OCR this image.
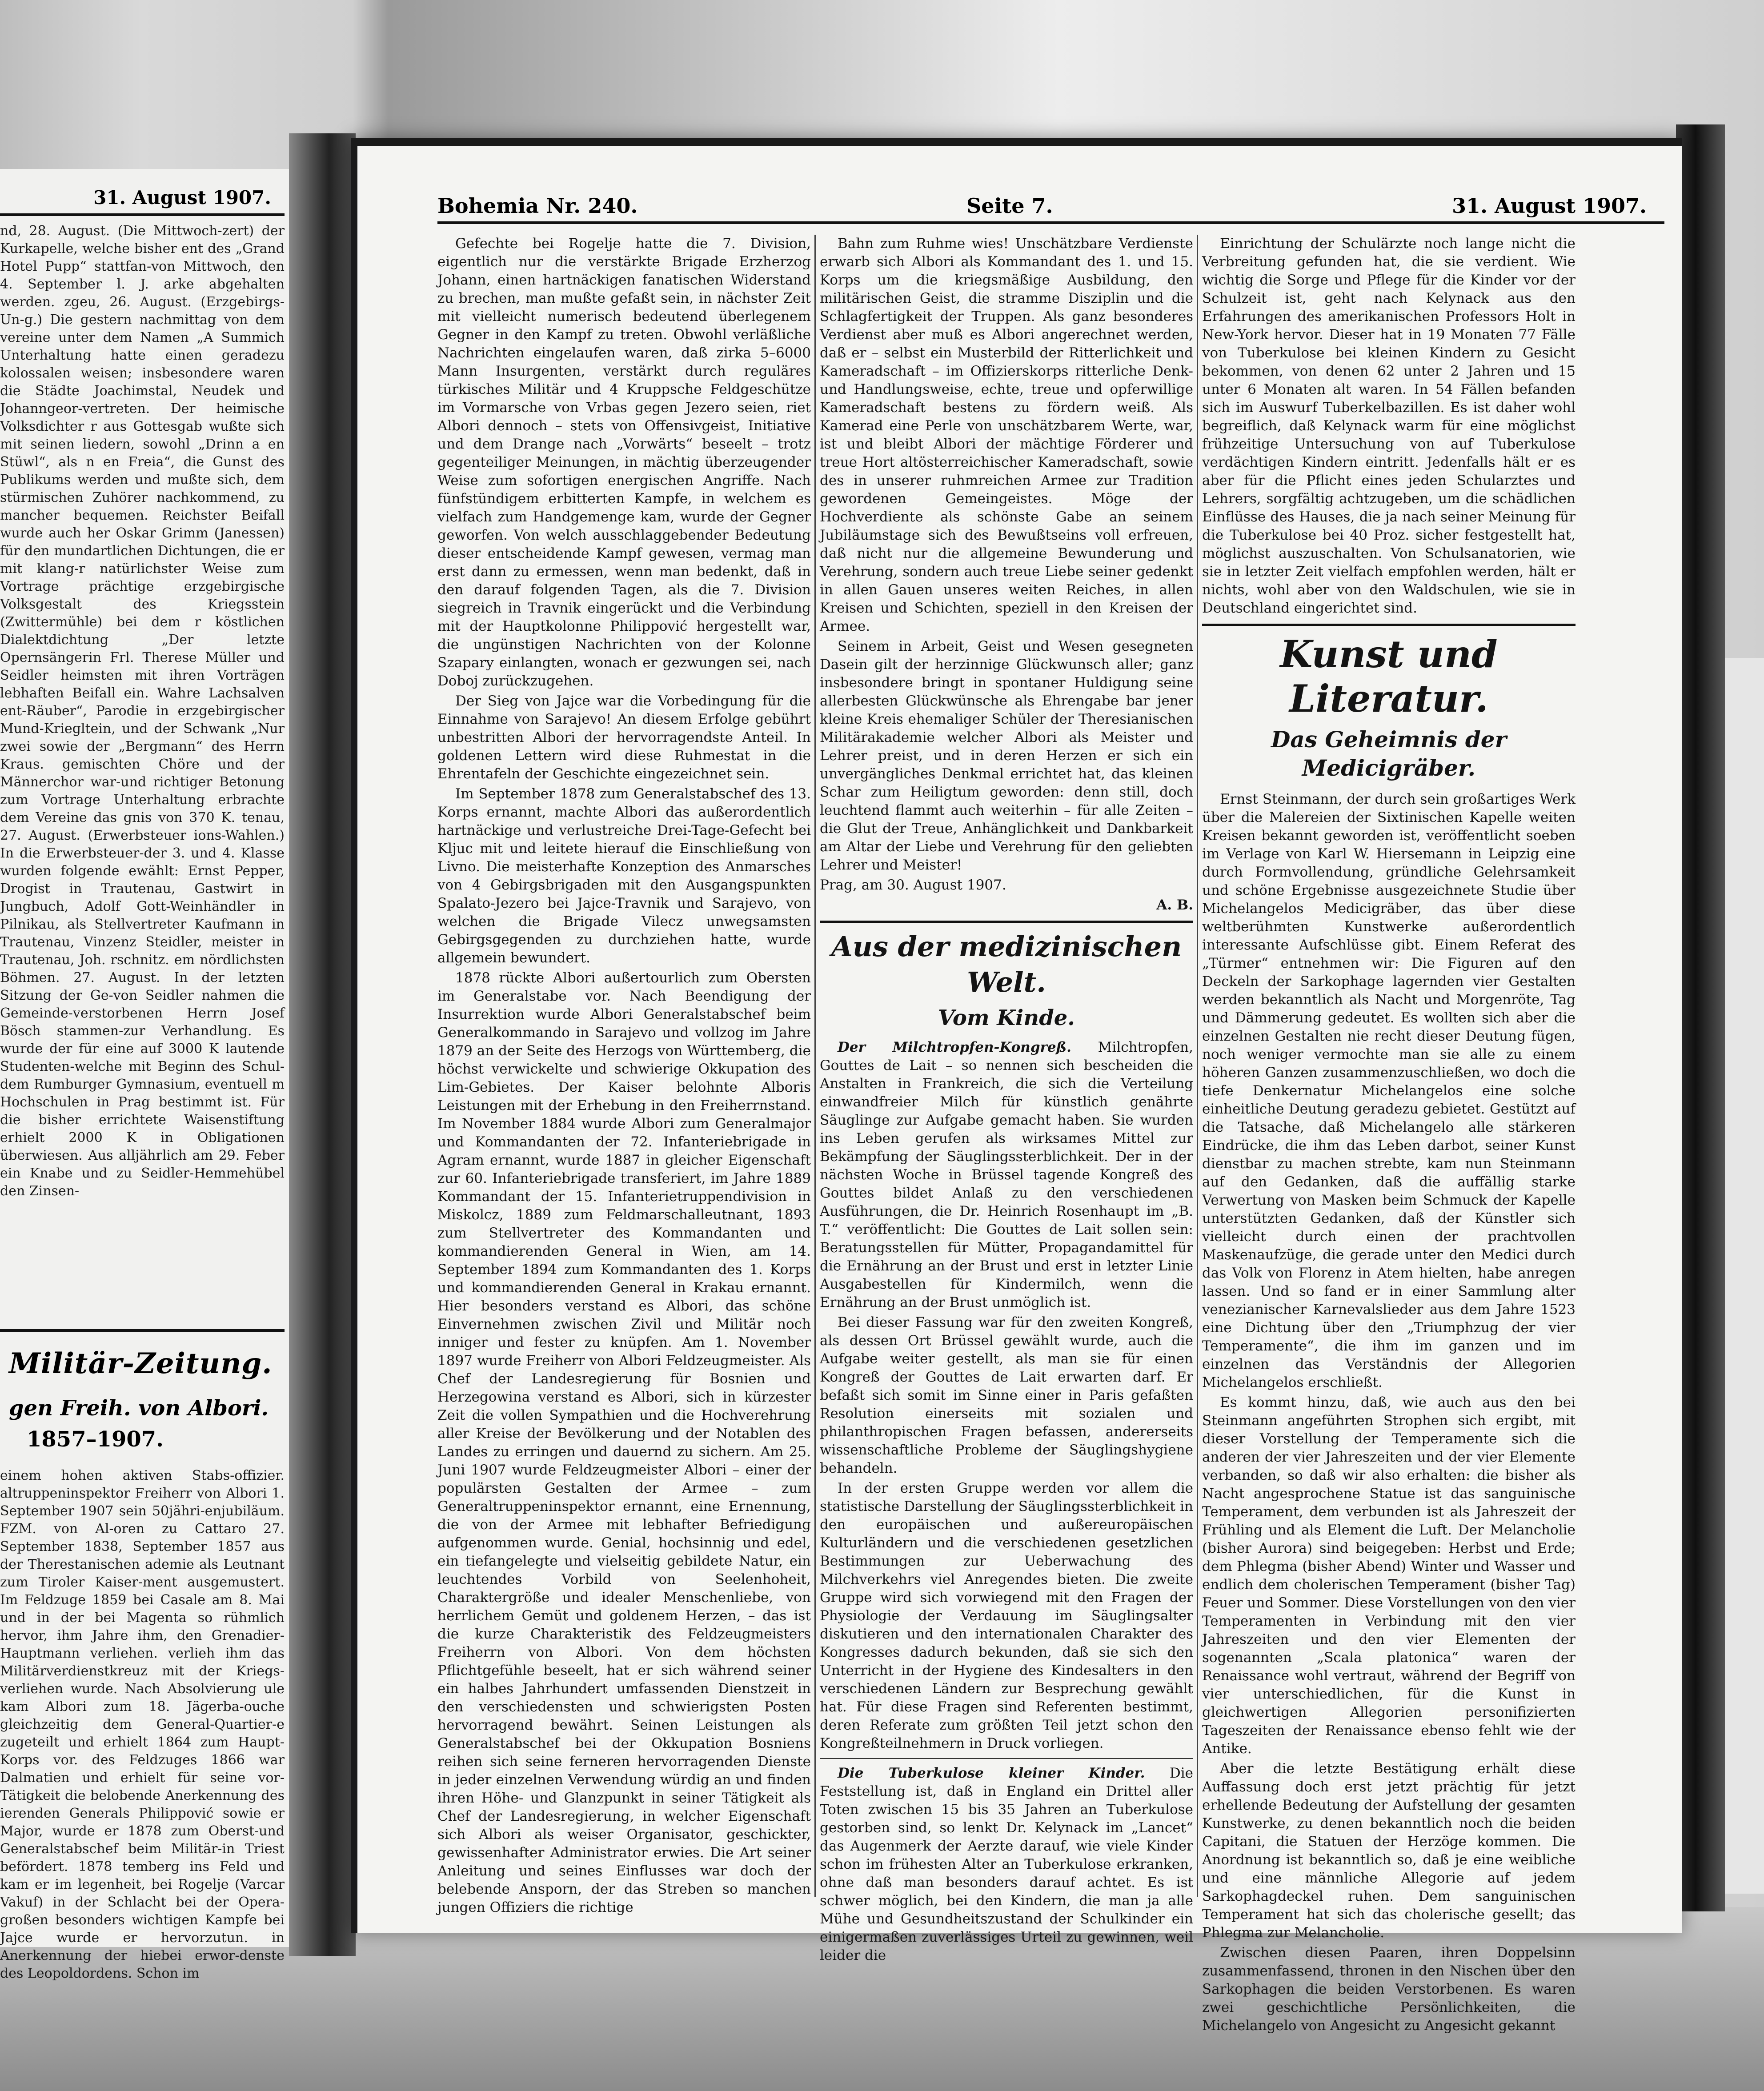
31. August 1907.
nd, 28. August. (Die Mittwoch-zert) der Kurkapelle, welche bisher ent des „Grand Hotel Pupp“ stattfan-von Mittwoch, den 4. September l. J. arke abgehalten werden. zgeu, 26. August. (Erzgebirgs-Un-g.) Die gestern nachmittag von dem vereine unter dem Namen „A Summich Unterhaltung hatte einen geradezu kolossalen weisen; insbesondere waren die Städte Joachimstal, Neudek und Johanngeor-vertreten. Der heimische Volksdichter r aus Gottesgab wußte sich mit seinen liedern, sowohl „Drinn a en Stüwl“, als n en Freia“, die Gunst des Publikums werden und mußte sich, dem stürmischen Zuhörer nachkommend, zu mancher bequemen. Reichster Beifall wurde auch her Oskar Grimm (Janessen) für den mundartlichen Dichtungen, die er mit klang-r natürlichster Weise zum Vortrage prächtige erzgebirgische Volksgestalt des Kriegsstein (Zwittermühle) bei dem r köstlichen Dialektdichtung „Der letzte Opernsängerin Frl. Therese Müller und Seidler heimsten mit ihren Vorträgen lebhaften Beifall ein. Wahre Lachsalven ent-Räuber“, Parodie in erzgebirgischer Mund-Kriegltein, und der Schwank „Nur zwei sowie der „Bergmann“ des Herrn Kraus. gemischten Chöre und der Männerchor war-und richtiger Betonung zum Vortrage Unterhaltung erbrachte dem Vereine das gnis von 370 K. tenau, 27. August. (Erwerbsteuer ions-Wahlen.) In die Erwerbsteuer-der 3. und 4. Klasse wurden folgende ewählt: Ernst Pepper, Drogist in Trautenau, Gastwirt in Jungbuch, Adolf Gott-Weinhändler in Pilnikau, als Stellvertreter Kaufmann in Trautenau, Vinzenz Steidler, meister in Trautenau, Joh. rschnitz. em nördlichsten Böhmen. 27. August. In der letzten Sitzung der Ge-von Seidler nahmen die Gemeinde-verstorbenen Herrn Josef Bösch stammen-zur Verhandlung. Es wurde der für eine auf 3000 K lautende Studenten-welche mit Beginn des Schul-dem Rumburger Gymnasium, eventuell m Hochschulen in Prag bestimmt ist. Für die bisher errichtete Waisenstiftung erhielt 2000 K in Obligationen überwiesen. Aus alljährlich am 29. Feber ein Knabe und zu Seidler-Hemmehübel den Zinsen-
Militär-Zeitung.
gen Freih. von Albori.
1857–1907.
einem hohen aktiven Stabs-offizier. altruppeninspektor Freiherr von Albori 1. September 1907 sein 50jähri-enjubiläum. FZM. von Al-oren zu Cattaro 27. September 1838, September 1857 aus der Therestanischen ademie als Leutnant zum Tiroler Kaiser-ment ausgemustert. Im Feldzuge 1859 bei Casale am 8. Mai und in der bei Magenta so rühmlich hervor, ihm Jahre ihm, den Grenadier-Hauptmann verliehen. verlieh ihm das Militärverdienstkreuz mit der Kriegs-verliehen wurde. Nach Absolvierung ule kam Albori zum 18. Jägerba-ouche gleichzeitig dem General-Quartier-e zugeteilt und erhielt 1864 zum Haupt-Korps vor. des Feldzuges 1866 war Dalmatien und erhielt für seine vor-Tätigkeit die belobende Anerkennung des ierenden Generals Philippović sowie er Major, wurde er 1878 zum Oberst-und Generalstabschef beim Militär-in Triest befördert. 1878 temberg ins Feld und kam er im legenheit, bei Rogelje (Varcar Vakuf) in der Schlacht bei der Opera-großen besonders wichtigen Kampfe bei Jajce wurde er hervorzutun. in Anerkennung der hiebei erwor-denste des Leopoldordens. Schon im
Bohemia Nr. 240.	Seite 7.	31. August 1907.

Gefechte bei Rogelje hatte die 7. Division, eigentlich nur die verstärkte Brigade Erzherzog Johann, einen hartnäckigen fanatischen Widerstand zu brechen, man mußte gefaßt sein, in nächster Zeit mit vielleicht numerisch bedeutend überlegenem Gegner in den Kampf zu treten. Obwohl verläßliche Nachrichten eingelaufen waren, daß zirka 5–6000 Mann Insurgenten, verstärkt durch reguläres türkisches Militär und 4 Kruppsche Feldgeschütze im Vormarsche von Vrbas gegen Jezero seien, riet Albori dennoch – stets von Offensivgeist, Initiative und dem Drange nach „Vorwärts“ beseelt – trotz gegenteiliger Meinungen, in mächtig überzeugender Weise zum sofortigen energischen Angriffe. Nach fünfstündigem erbitterten Kampfe, in welchem es vielfach zum Handgemenge kam, wurde der Gegner geworfen. Von welch ausschlaggebender Bedeutung dieser entscheidende Kampf gewesen, vermag man erst dann zu ermessen, wenn man bedenkt, daß in den darauf folgenden Tagen, als die 7. Division siegreich in Travnik eingerückt und die Verbindung mit der Hauptkolonne Philippović hergestellt war, die ungünstigen Nachrichten von der Kolonne Szapary einlangten, wonach er gezwungen sei, nach Doboj zurückzugehen.

Der Sieg von Jajce war die Vorbedingung für die Einnahme von Sarajevo! An diesem Erfolge gebührt unbestritten Albori der hervorragendste Anteil. In goldenen Lettern wird diese Ruhmestat in die Ehrentafeln der Geschichte eingezeichnet sein.

Im September 1878 zum Generalstabschef des 13. Korps ernannt, machte Albori das außerordentlich hartnäckige und verlustreiche Drei-Tage-Gefecht bei Kljuc mit und leitete hierauf die Einschließung von Livno. Die meisterhafte Konzeption des Anmarsches von 4 Gebirgsbrigaden mit den Ausgangspunkten Spalato-Jezero bei Jajce-Travnik und Sarajevo, von welchen die Brigade Vilecz unwegsamsten Gebirgsgegenden zu durchziehen hatte, wurde allgemein bewundert.

1878 rückte Albori außertourlich zum Obersten im Generalstabe vor. Nach Beendigung der Insurrektion wurde Albori Generalstabschef beim Generalkommando in Sarajevo und vollzog im Jahre 1879 an der Seite des Herzogs von Württemberg, die höchst verwickelte und schwierige Okkupation des Lim-Gebietes. Der Kaiser belohnte Alboris Leistungen mit der Erhebung in den Freiherrnstand. Im November 1884 wurde Albori zum Generalmajor und Kommandanten der 72. Infanteriebrigade in Agram ernannt, wurde 1887 in gleicher Eigenschaft zur 60. Infanteriebrigade transferiert, im Jahre 1889 Kommandant der 15. Infanterietruppendivision in Miskolcz, 1889 zum Feldmarschalleutnant, 1893 zum Stellvertreter des Kommandanten und kommandierenden General in Wien, am 14. September 1894 zum Kommandanten des 1. Korps und kommandierenden General in Krakau ernannt. Hier besonders verstand es Albori, das schöne Einvernehmen zwischen Zivil und Militär noch inniger und fester zu knüpfen. Am 1. November 1897 wurde Freiherr von Albori Feldzeugmeister. Als Chef der Landesregierung für Bosnien und Herzegowina verstand es Albori, sich in kürzester Zeit die vollen Sympathien und die Hochverehrung aller Kreise der Bevölkerung und der Notablen des Landes zu erringen und dauernd zu sichern. Am 25. Juni 1907 wurde Feldzeugmeister Albori – einer der populärsten Gestalten der Armee – zum Generaltruppeninspektor ernannt, eine Ernennung, die von der Armee mit lebhafter Befriedigung aufgenommen wurde. Genial, hochsinnig und edel, ein tiefangelegte und vielseitig gebildete Natur, ein leuchtendes Vorbild von Seelenhoheit, Charaktergröße und idealer Menschenliebe, von herrlichem Gemüt und goldenem Herzen, – das ist die kurze Charakteristik des Feldzeugmeisters Freiherrn von Albori. Von dem höchsten Pflichtgefühle beseelt, hat er sich während seiner ein halbes Jahrhundert umfassenden Dienstzeit in den verschiedensten und schwierigsten Posten hervorragend bewährt. Seinen Leistungen als Generalstabschef bei der Okkupation Bosniens reihen sich seine ferneren hervorragenden Dienste in jeder einzelnen Verwendung würdig an und finden ihren Höhe- und Glanzpunkt in seiner Tätigkeit als Chef der Landesregierung, in welcher Eigenschaft sich Albori als weiser Organisator, geschickter, gewissenhafter Administrator erwies. Die Art seiner Anleitung und seines Einflusses war doch der belebende Ansporn, der das Streben so manchen jungen Offiziers die richtige

Bahn zum Ruhme wies! Unschätzbare Verdienste erwarb sich Albori als Kommandant des 1. und 15. Korps um die kriegsmäßige Ausbildung, den militärischen Geist, die stramme Disziplin und die Schlagfertigkeit der Truppen. Als ganz besonderes Verdienst aber muß es Albori angerechnet werden, daß er – selbst ein Musterbild der Ritterlichkeit und Kameradschaft – im Offizierskorps ritterliche Denk- und Handlungsweise, echte, treue und opferwillige Kameradschaft bestens zu fördern weiß. Als Kamerad eine Perle von unschätzbarem Werte, war, ist und bleibt Albori der mächtige Förderer und treue Hort altösterreichischer Kameradschaft, sowie des in unserer ruhmreichen Armee zur Tradition gewordenen Gemeingeistes. Möge der Hochverdiente als schönste Gabe an seinem Jubiläumstage sich des Bewußtseins voll erfreuen, daß nicht nur die allgemeine Bewunderung und Verehrung, sondern auch treue Liebe seiner gedenkt in allen Gauen unseres weiten Reiches, in allen Kreisen und Schichten, speziell in den Kreisen der Armee.

Seinem in Arbeit, Geist und Wesen gesegneten Dasein gilt der herzinnige Glückwunsch aller; ganz insbesondere bringt in spontaner Huldigung seine allerbesten Glückwünsche als Ehrengabe bar jener kleine Kreis ehemaliger Schüler der Theresianischen Militärakademie welcher Albori als Meister und Lehrer preist, und in deren Herzen er sich ein unvergängliches Denkmal errichtet hat, das kleinen Schar zum Heiligtum geworden: denn still, doch leuchtend flammt auch weiterhin – für alle Zeiten – die Glut der Treue, Anhänglichkeit und Dankbarkeit am Altar der Liebe und Verehrung für den geliebten Lehrer und Meister!

Prag, am 30. August 1907.

A. B.
Aus der medizinischen Welt.
Vom Kinde.

Der Milchtropfen-Kongreß. Milchtropfen, Gouttes de Lait – so nennen sich bescheiden die Anstalten in Frankreich, die sich die Verteilung einwandfreier Milch für künstlich genährte Säuglinge zur Aufgabe gemacht haben. Sie wurden ins Leben gerufen als wirksames Mittel zur Bekämpfung der Säuglingssterblichkeit. Der in der nächsten Woche in Brüssel tagende Kongreß des Gouttes bildet Anlaß zu den verschiedenen Ausführungen, die Dr. Heinrich Rosenhaupt im „B. T.“ veröffentlicht: Die Gouttes de Lait sollen sein: Beratungsstellen für Mütter, Propagandamittel für die Ernährung an der Brust und erst in letzter Linie Ausgabestellen für Kindermilch, wenn die Ernährung an der Brust unmöglich ist.

Bei dieser Fassung war für den zweiten Kongreß, als dessen Ort Brüssel gewählt wurde, auch die Aufgabe weiter gestellt, als man sie für einen Kongreß der Gouttes de Lait erwarten darf. Er befaßt sich somit im Sinne einer in Paris gefaßten Resolution einerseits mit sozialen und philanthropischen Fragen befassen, andererseits wissenschaftliche Probleme der Säuglingshygiene behandeln.

In der ersten Gruppe werden vor allem die statistische Darstellung der Säuglingssterblichkeit in den europäischen und außereuropäischen Kulturländern und die verschiedenen gesetzlichen Bestimmungen zur Ueberwachung des Milchverkehrs viel Anregendes bieten. Die zweite Gruppe wird sich vorwiegend mit den Fragen der Physiologie der Verdauung im Säuglingsalter diskutieren und den internationalen Charakter des Kongresses dadurch bekunden, daß sie sich den Unterricht in der Hygiene des Kindesalters in den verschiedenen Ländern zur Besprechung gewählt hat. Für diese Fragen sind Referenten bestimmt, deren Referate zum größten Teil jetzt schon den Kongreßteilnehmern in Druck vorliegen.

Die Tuberkulose kleiner Kinder. Die Feststellung ist, daß in England ein Drittel aller Toten zwischen 15 bis 35 Jahren an Tuberkulose gestorben sind, so lenkt Dr. Kelynack im „Lancet“ das Augenmerk der Aerzte darauf, wie viele Kinder schon im frühesten Alter an Tuberkulose erkranken, ohne daß man besonders darauf achtet. Es ist schwer möglich, bei den Kindern, die man ja alle Mühe und Gesundheitszustand der Schulkinder ein einigermaßen zuverlässiges Urteil zu gewinnen, weil leider die

Einrichtung der Schulärzte noch lange nicht die Verbreitung gefunden hat, die sie verdient. Wie wichtig die Sorge und Pflege für die Kinder vor der Schulzeit ist, geht nach Kelynack aus den Erfahrungen des amerikanischen Professors Holt in New-York hervor. Dieser hat in 19 Monaten 77 Fälle von Tuberkulose bei kleinen Kindern zu Gesicht bekommen, von denen 62 unter 2 Jahren und 15 unter 6 Monaten alt waren. In 54 Fällen befanden sich im Auswurf Tuberkelbazillen. Es ist daher wohl begreiflich, daß Kelynack warm für eine möglichst frühzeitige Untersuchung von auf Tuberkulose verdächtigen Kindern eintritt. Jedenfalls hält er es aber für die Pflicht eines jeden Schularztes und Lehrers, sorgfältig achtzugeben, um die schädlichen Einflüsse des Hauses, die ja nach seiner Meinung für die Tuberkulose bei 40 Proz. sicher festgestellt hat, möglichst auszuschalten. Von Schulsanatorien, wie sie in letzter Zeit vielfach empfohlen werden, hält er nichts, wohl aber von den Waldschulen, wie sie in Deutschland eingerichtet sind.

Kunst und Literatur.
Das Geheimnis der Medicigräber.

Ernst Steinmann, der durch sein großartiges Werk über die Malereien der Sixtinischen Kapelle weiten Kreisen bekannt geworden ist, veröffentlicht soeben im Verlage von Karl W. Hiersemann in Leipzig eine durch Formvollendung, gründliche Gelehrsamkeit und schöne Ergebnisse ausgezeichnete Studie über Michelangelos Medicigräber, das über diese weltberühmten Kunstwerke außerordentlich interessante Aufschlüsse gibt. Einem Referat des „Türmer“ entnehmen wir: Die Figuren auf den Deckeln der Sarkophage lagernden vier Gestalten werden bekanntlich als Nacht und Morgenröte, Tag und Dämmerung gedeutet. Es wollten sich aber die einzelnen Gestalten nie recht dieser Deutung fügen, noch weniger vermochte man sie alle zu einem höheren Ganzen zusammenzuschließen, wo doch die tiefe Denkernatur Michelangelos eine solche einheitliche Deutung geradezu gebietet. Gestützt auf die Tatsache, daß Michelangelo alle stärkeren Eindrücke, die ihm das Leben darbot, seiner Kunst dienstbar zu machen strebte, kam nun Steinmann auf den Gedanken, daß die auffällig starke Verwertung von Masken beim Schmuck der Kapelle unterstützten Gedanken, daß der Künstler sich vielleicht durch einen der prachtvollen Maskenaufzüge, die gerade unter den Medici durch das Volk von Florenz in Atem hielten, habe anregen lassen. Und so fand er in einer Sammlung alter venezianischer Karnevalslieder aus dem Jahre 1523 eine Dichtung über den „Triumphzug der vier Temperamente“, die ihm im ganzen und im einzelnen das Verständnis der Allegorien Michelangelos erschließt.

Es kommt hinzu, daß, wie auch aus den bei Steinmann angeführten Strophen sich ergibt, mit dieser Vorstellung der Temperamente sich die anderen der vier Jahreszeiten und der vier Elemente verbanden, so daß wir also erhalten: die bisher als Nacht angesprochene Statue ist das sanguinische Temperament, dem verbunden ist als Jahreszeit der Frühling und als Element die Luft. Der Melancholie (bisher Aurora) sind beigegeben: Herbst und Erde; dem Phlegma (bisher Abend) Winter und Wasser und endlich dem cholerischen Temperament (bisher Tag) Feuer und Sommer. Diese Vorstellungen von den vier Temperamenten in Verbindung mit den vier Jahreszeiten und den vier Elementen der sogenannten „Scala platonica“ waren der Renaissance wohl vertraut, während der Begriff von vier unterschiedlichen, für die Kunst in gleichwertigen Allegorien personifizierten Tageszeiten der Renaissance ebenso fehlt wie der Antike.

Aber die letzte Bestätigung erhält diese Auffassung doch erst jetzt prächtig für jetzt erhellende Bedeutung der Aufstellung der gesamten Kunstwerke, zu denen bekanntlich noch die beiden Capitani, die Statuen der Herzöge kommen. Die Anordnung ist bekanntlich so, daß je eine weibliche und eine männliche Allegorie auf jedem Sarkophagdeckel ruhen. Dem sanguinischen Temperament hat sich das cholerische gesellt; das Phlegma zur Melancholie.

Zwischen diesen Paaren, ihren Doppelsinn zusammenfassend, thronen in den Nischen über den Sarkophagen die beiden Verstorbenen. Es waren zwei geschichtliche Persönlichkeiten, die Michelangelo von Angesicht zu Angesicht gekannt
